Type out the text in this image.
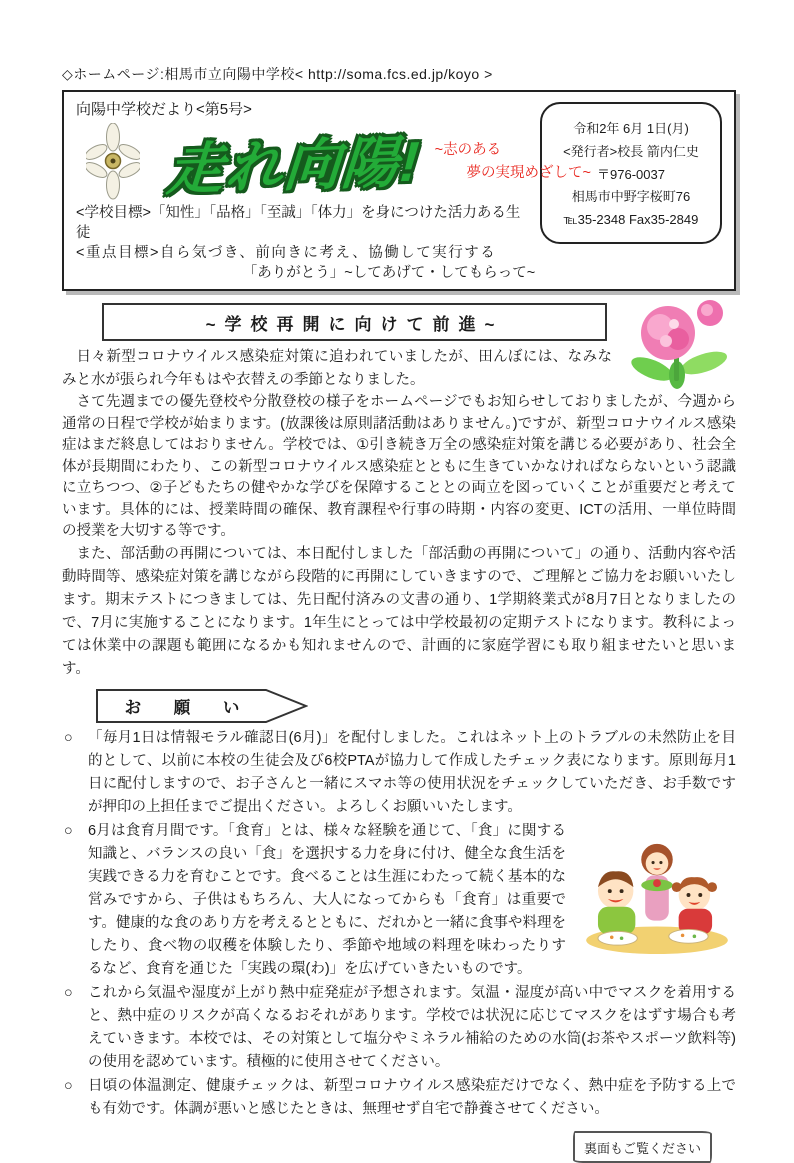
◇ホームページ:相馬市立向陽中学校< http://soma.fcs.ed.jp/koyo >
令和2年 6月 1日(月)
<発行者>校長 箭内仁史
〒976-0037
相馬市中野字桜町76
℡35-2348 Fax35-2849
向陽中学校だより<第5号>
走れ向陽! ~志のある
夢の実現めざして~
<学校目標>「知性」「品格」「至誠」「体力」を身につけた活力ある生徒
<重点目標>自ら気づき、前向きに考え、協働して実行する
「ありがとう」~してあげて・してもらって~
~学校再開に向けて前進~

日々新型コロナウイルス感染症対策に追われていましたが、田んぼには、なみなみと水が張られ今年もはや衣替えの季節となりました。

さて先週までの優先登校や分散登校の様子をホームページでもお知らせしておりましたが、今週から通常の日程で学校が始まります。(放課後は原則諸活動はありません。)ですが、新型コロナウイルス感染症はまだ終息してはおりません。学校では、①引き続き万全の感染症対策を講じる必要があり、社会全体が長期間にわたり、この新型コロナウイルス感染症とともに生きていかなければならないという認識に立ちつつ、②子どもたちの健やかな学びを保障することとの両立を図っていくことが重要だと考えています。具体的には、授業時間の確保、教育課程や行事の時期・内容の変更、ICTの活用、一単位時間の授業を大切する等です。

また、部活動の再開については、本日配付しました「部活動の再開について」の通り、活動内容や活動時間等、感染症対策を講じながら段階的に再開にしていきますので、ご理解とご協力をお願いいたします。期末テストにつきましては、先日配付済みの文書の通り、1学期終業式が8月7日となりましたので、7月に実施することになります。1年生にとっては中学校最初の定期テストになります。教科によっては休業中の課題も範囲になるかも知れませんので、計画的に家庭学習にも取り組ませたいと思います。

お 願 い
○ 「毎月1日は情報モラル確認日(6月)」を配付しました。これはネット上のトラブルの未然防止を目的として、以前に本校の生徒会及び6校PTAが協力して作成したチェック表になります。原則毎月1日に配付しますので、お子さんと一緒にスマホ等の使用状況をチェックしていただき、お手数ですが押印の上担任までご提出ください。よろしくお願いいたします。
○ 6月は食育月間です。「食育」とは、様々な経験を通じて、「食」に関する知識と、バランスの良い「食」を選択する力を身に付け、健全な食生活を実践できる力を育むことです。食べることは生涯にわたって続く基本的な営みですから、子供はもちろん、大人になってからも「食育」は重要です。健康的な食のあり方を考えるとともに、だれかと一緒に食事や料理をしたり、食べ物の収穫を体験したり、季節や地域の料理を味わったりするなど、食育を通じた「実践の環(わ)」を広げていきたいものです。
○ これから気温や湿度が上がり熱中症発症が予想されます。気温・湿度が高い中でマスクを着用すると、熱中症のリスクが高くなるおそれがあります。学校では状況に応じてマスクをはずす場合も考えていきます。本校では、その対策として塩分やミネラル補給のための水筒(お茶やスポーツ飲料等)の使用を認めています。積極的に使用させてください。
○ 日頃の体温測定、健康チェックは、新型コロナウイルス感染症だけでなく、熱中症を予防する上でも有効です。体調が悪いと感じたときは、無理せず自宅で静養させてください。
裏面もご覧ください
